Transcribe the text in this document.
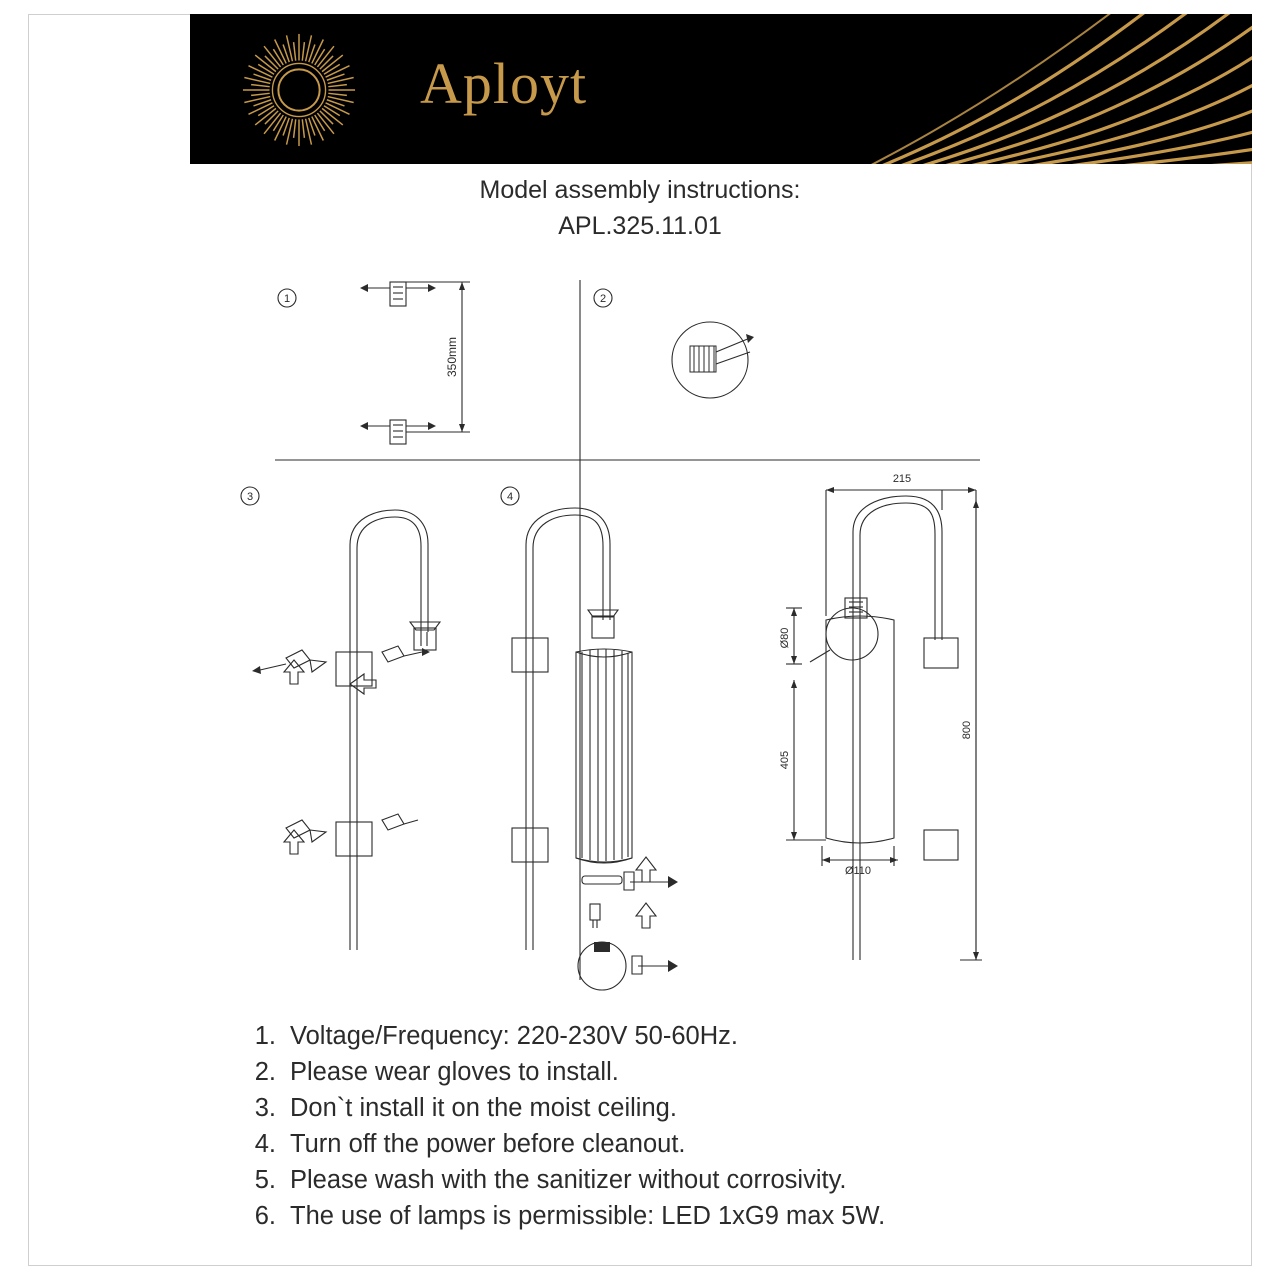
Aployt
Model assembly instructions:
APL.325.11.01
1
350mm
2
3	4
Ø80
405
Ø110
215
800
1. Voltage/Frequency: 220-230V 50-60Hz.
2. Please wear gloves to install.
3. Don`t install it on the moist ceiling.
4. Turn off the power before cleanout.
5. Please wash with the sanitizer without corrosivity.
6. The use of lamps is permissible: LED 1xG9 max 5W.
